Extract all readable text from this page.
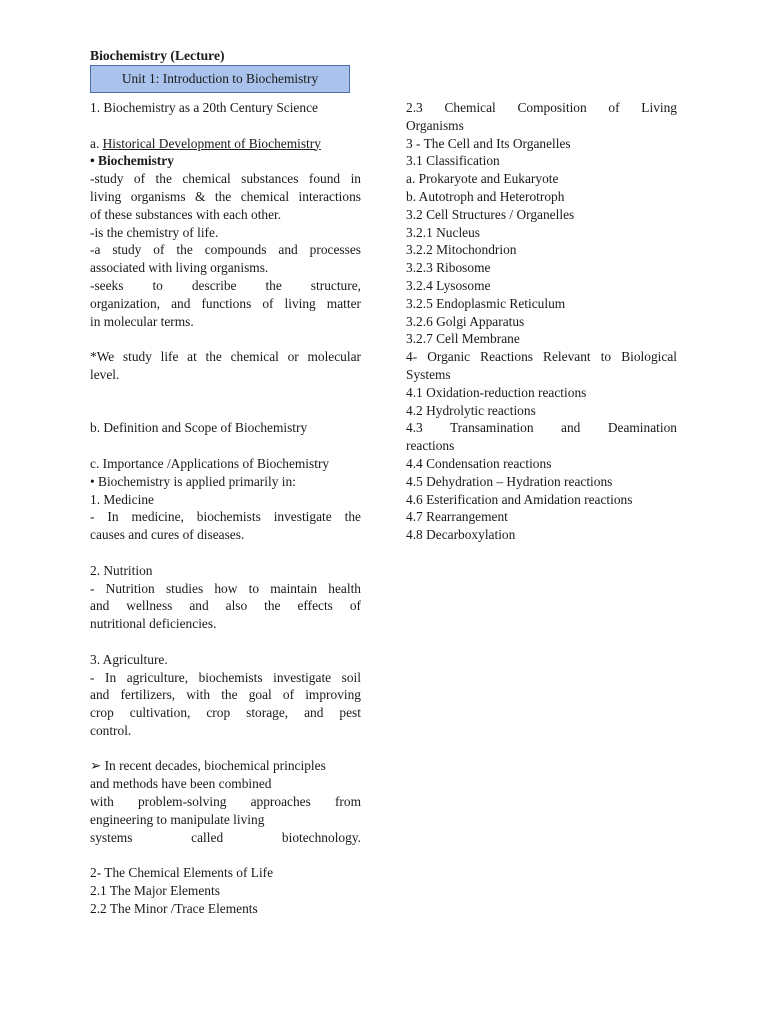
Biochemistry (Lecture)
Unit 1: Introduction to Biochemistry
1. Biochemistry as a 20th Century Science
a. Historical Development of Biochemistry
• Biochemistry
-study of the chemical substances found in
living organisms & the chemical interactions
of these substances with each other.
-is the chemistry of life.
-a study of the compounds and processes
associated with living organisms.
-seeks to describe the structure,
organization, and functions of living matter
in molecular terms.
*We study life at the chemical or molecular
level.
b. Definition and Scope of Biochemistry
c. Importance /Applications of Biochemistry
• Biochemistry is applied primarily in:
1. Medicine
- In medicine, biochemists investigate the
causes and cures of diseases.
2. Nutrition
- Nutrition studies how to maintain health
and wellness and also the effects of
nutritional deficiencies.
3. Agriculture.
- In agriculture, biochemists investigate soil
and fertilizers, with the goal of improving
crop cultivation, crop storage, and pest
control.
➢ In recent decades, biochemical principles
and methods have been combined
with problem-solving approaches from
engineering to manipulate living
systems called biotechnology.
2- The Chemical Elements of Life
2.1 The Major Elements
2.2 The Minor /Trace Elements
2.3 Chemical Composition of Living
Organisms
3 - The Cell and Its Organelles
3.1 Classification
a. Prokaryote and Eukaryote
b. Autotroph and Heterotroph
3.2 Cell Structures / Organelles
3.2.1 Nucleus
3.2.2 Mitochondrion
3.2.3 Ribosome
3.2.4 Lysosome
3.2.5 Endoplasmic Reticulum
3.2.6 Golgi Apparatus
3.2.7 Cell Membrane
4- Organic Reactions Relevant to Biological
Systems
4.1 Oxidation-reduction reactions
4.2 Hydrolytic reactions
4.3 Transamination and Deamination
reactions
4.4 Condensation reactions
4.5 Dehydration – Hydration reactions
4.6 Esterification and Amidation reactions
4.7 Rearrangement
4.8 Decarboxylation
